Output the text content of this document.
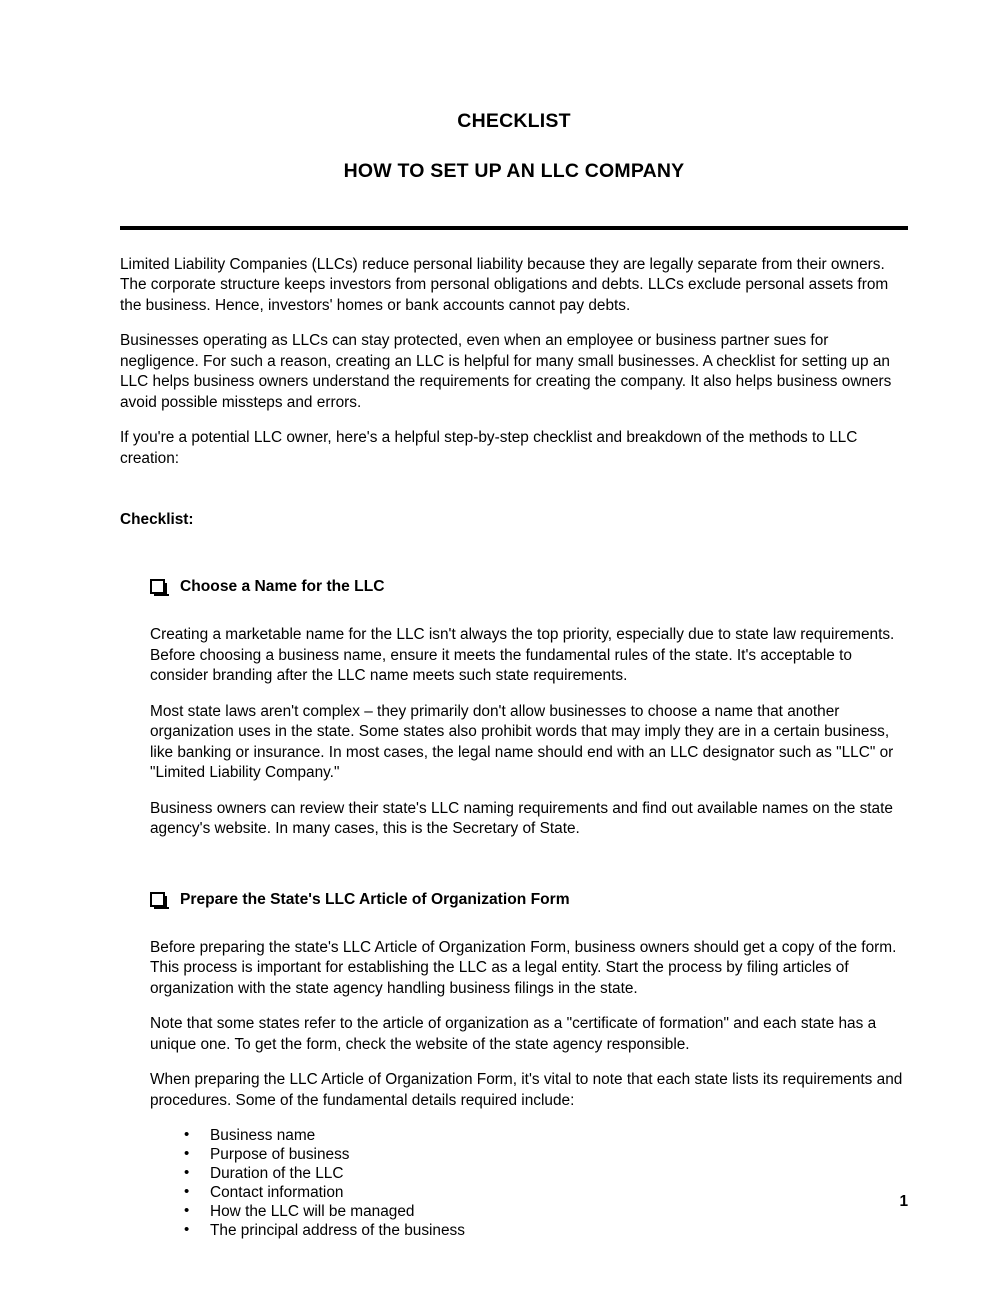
CHECKLIST
HOW TO SET UP AN LLC COMPANY

Limited Liability Companies (LLCs) reduce personal liability because they are legally separate from their owners. The corporate structure keeps investors from personal obligations and debts. LLCs exclude personal assets from the business. Hence, investors' homes or bank accounts cannot pay debts.

Businesses operating as LLCs can stay protected, even when an employee or business partner sues for negligence. For such a reason, creating an LLC is helpful for many small businesses. A checklist for setting up an LLC helps business owners understand the requirements for creating the company. It also helps business owners avoid possible missteps and errors.

If you're a potential LLC owner, here's a helpful step-by-step checklist and breakdown of the methods to LLC creation:

Checklist:
Choose a Name for the LLC

Creating a marketable name for the LLC isn't always the top priority, especially due to state law requirements. Before choosing a business name, ensure it meets the fundamental rules of the state. It's acceptable to consider branding after the LLC name meets such state requirements.

Most state laws aren't complex – they primarily don't allow businesses to choose a name that another organization uses in the state. Some states also prohibit words that may imply they are in a certain business, like banking or insurance. In most cases, the legal name should end with an LLC designator such as "LLC" or "Limited Liability Company."

Business owners can review their state's LLC naming requirements and find out available names on the state agency's website. In many cases, this is the Secretary of State.

Prepare the State's LLC Article of Organization Form

Before preparing the state's LLC Article of Organization Form, business owners should get a copy of the form. This process is important for establishing the LLC as a legal entity. Start the process by filing articles of organization with the state agency handling business filings in the state.

Note that some states refer to the article of organization as a "certificate of formation" and each state has a unique one. To get the form, check the website of the state agency responsible.

When preparing the LLC Article of Organization Form, it's vital to note that each state lists its requirements and procedures. Some of the fundamental details required include:

• Business name
• Purpose of business
• Duration of the LLC
• Contact information
• How the LLC will be managed
• The principal address of the business
1
